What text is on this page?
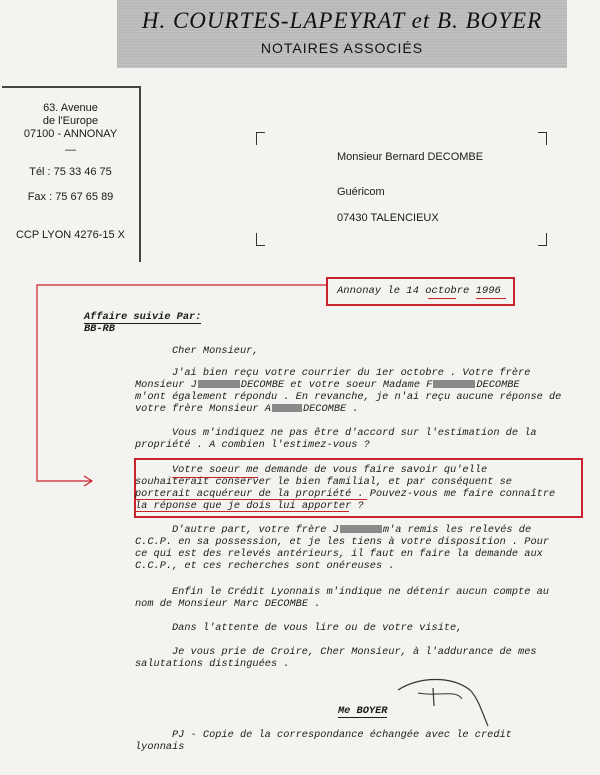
H. COURTES-LAPEYRAT et B. BOYER
NOTAIRES ASSOCIÉS
63. Avenue
de l'Europe
07100 - ANNONAY
—
Tél : 75 33 46 75
Fax : 75 67 65 89
CCP LYON 4276-15 X
Monsieur Bernard DECOMBE
Guéricom
07430 TALENCIEUX
Annonay le 14 octobre 1996
Affaire suivie Par:
BB-RB
Cher Monsieur,
J'ai bien reçu votre courrier du 1er octobre . Votre frère
Monsieur J	DECOMBE et votre soeur Madame F	DECOMBE
m'ont également répondu . En revanche, je n'ai reçu aucune réponse de
votre frère Monsieur A	DECOMBE .
Vous m'indiquez ne pas être d'accord sur l'estimation de la
propriété . A combien l'estimez-vous ?
Votre soeur me demande de vous faire savoir qu'elle
souhaiterait conserver le bien familial, et par conséquent se
porterait acquéreur de la propriété . Pouvez-vous me faire connaître
la réponse que je dois lui apporter ?
D'autre part, votre frère J	m'a remis les relevés de
C.C.P. en sa possession, et je les tiens à votre disposition . Pour
ce qui est des relevés antérieurs, il faut en faire la demande aux
C.C.P., et ces recherches sont onéreuses .
Enfin le Crédit Lyonnais m'indique ne détenir aucun compte au
nom de Monsieur Marc DECOMBE .
Dans l'attente de vous lire ou de votre visite,
Je vous prie de Croire, Cher Monsieur, à l'addurance de mes
salutations distinguées .
Me BOYER
PJ - Copie de la correspondance échangée avec le credit
lyonnais
